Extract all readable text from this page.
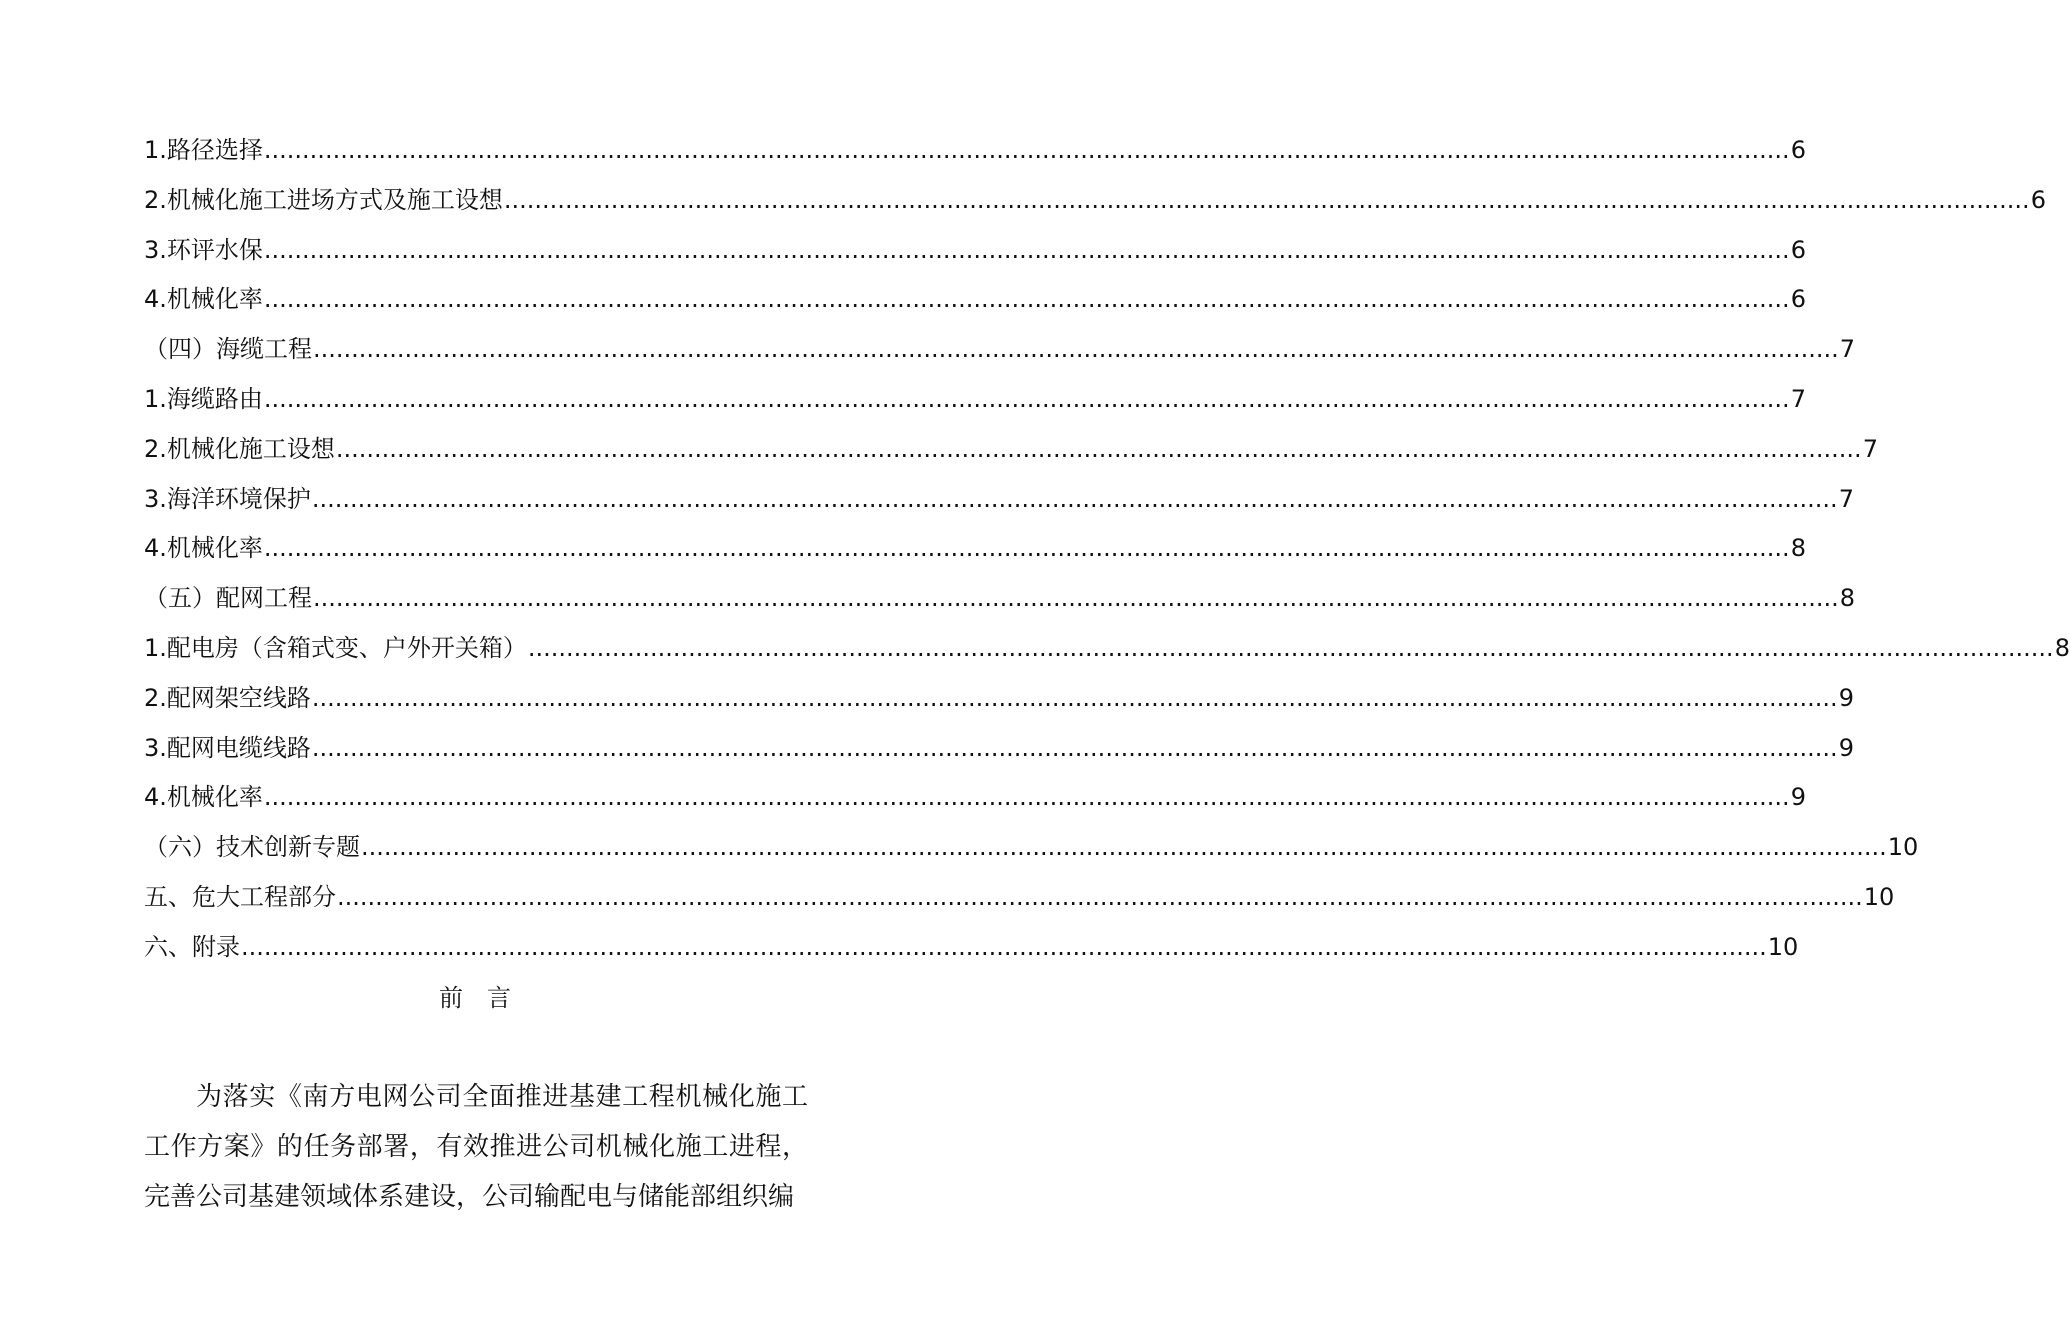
1.路径选择 ........................................................................................................................................................................................................ 6
2.机械化施工进场方式及施工设想 ........................................................................................................................................................................................................ 6
3.环评水保 ........................................................................................................................................................................................................ 6
4.机械化率 ........................................................................................................................................................................................................ 6
（四）海缆工程 ........................................................................................................................................................................................................ 7
1.海缆路由 ........................................................................................................................................................................................................ 7
2.机械化施工设想 ........................................................................................................................................................................................................ 7
3.海洋环境保护 ........................................................................................................................................................................................................ 7
4.机械化率 ........................................................................................................................................................................................................ 8
（五）配网工程 ........................................................................................................................................................................................................ 8
1.配电房（含箱式变、户外开关箱） ........................................................................................................................................................................................................ 8
2.配网架空线路 ........................................................................................................................................................................................................ 9
3.配网电缆线路 ........................................................................................................................................................................................................ 9
4.机械化率 ........................................................................................................................................................................................................ 9
（六）技术创新专题 ........................................................................................................................................................................................................ 10
五、危大工程部分 ........................................................................................................................................................................................................ 10
六、附录 ........................................................................................................................................................................................................ 10
前　言
为落实《南方电网公司全面推进基建工程机械化施工工作方案》的任务部署，有效推进公司机械化施工进程，完善公司基建领域体系建设，公司输配电与储能部组织编
